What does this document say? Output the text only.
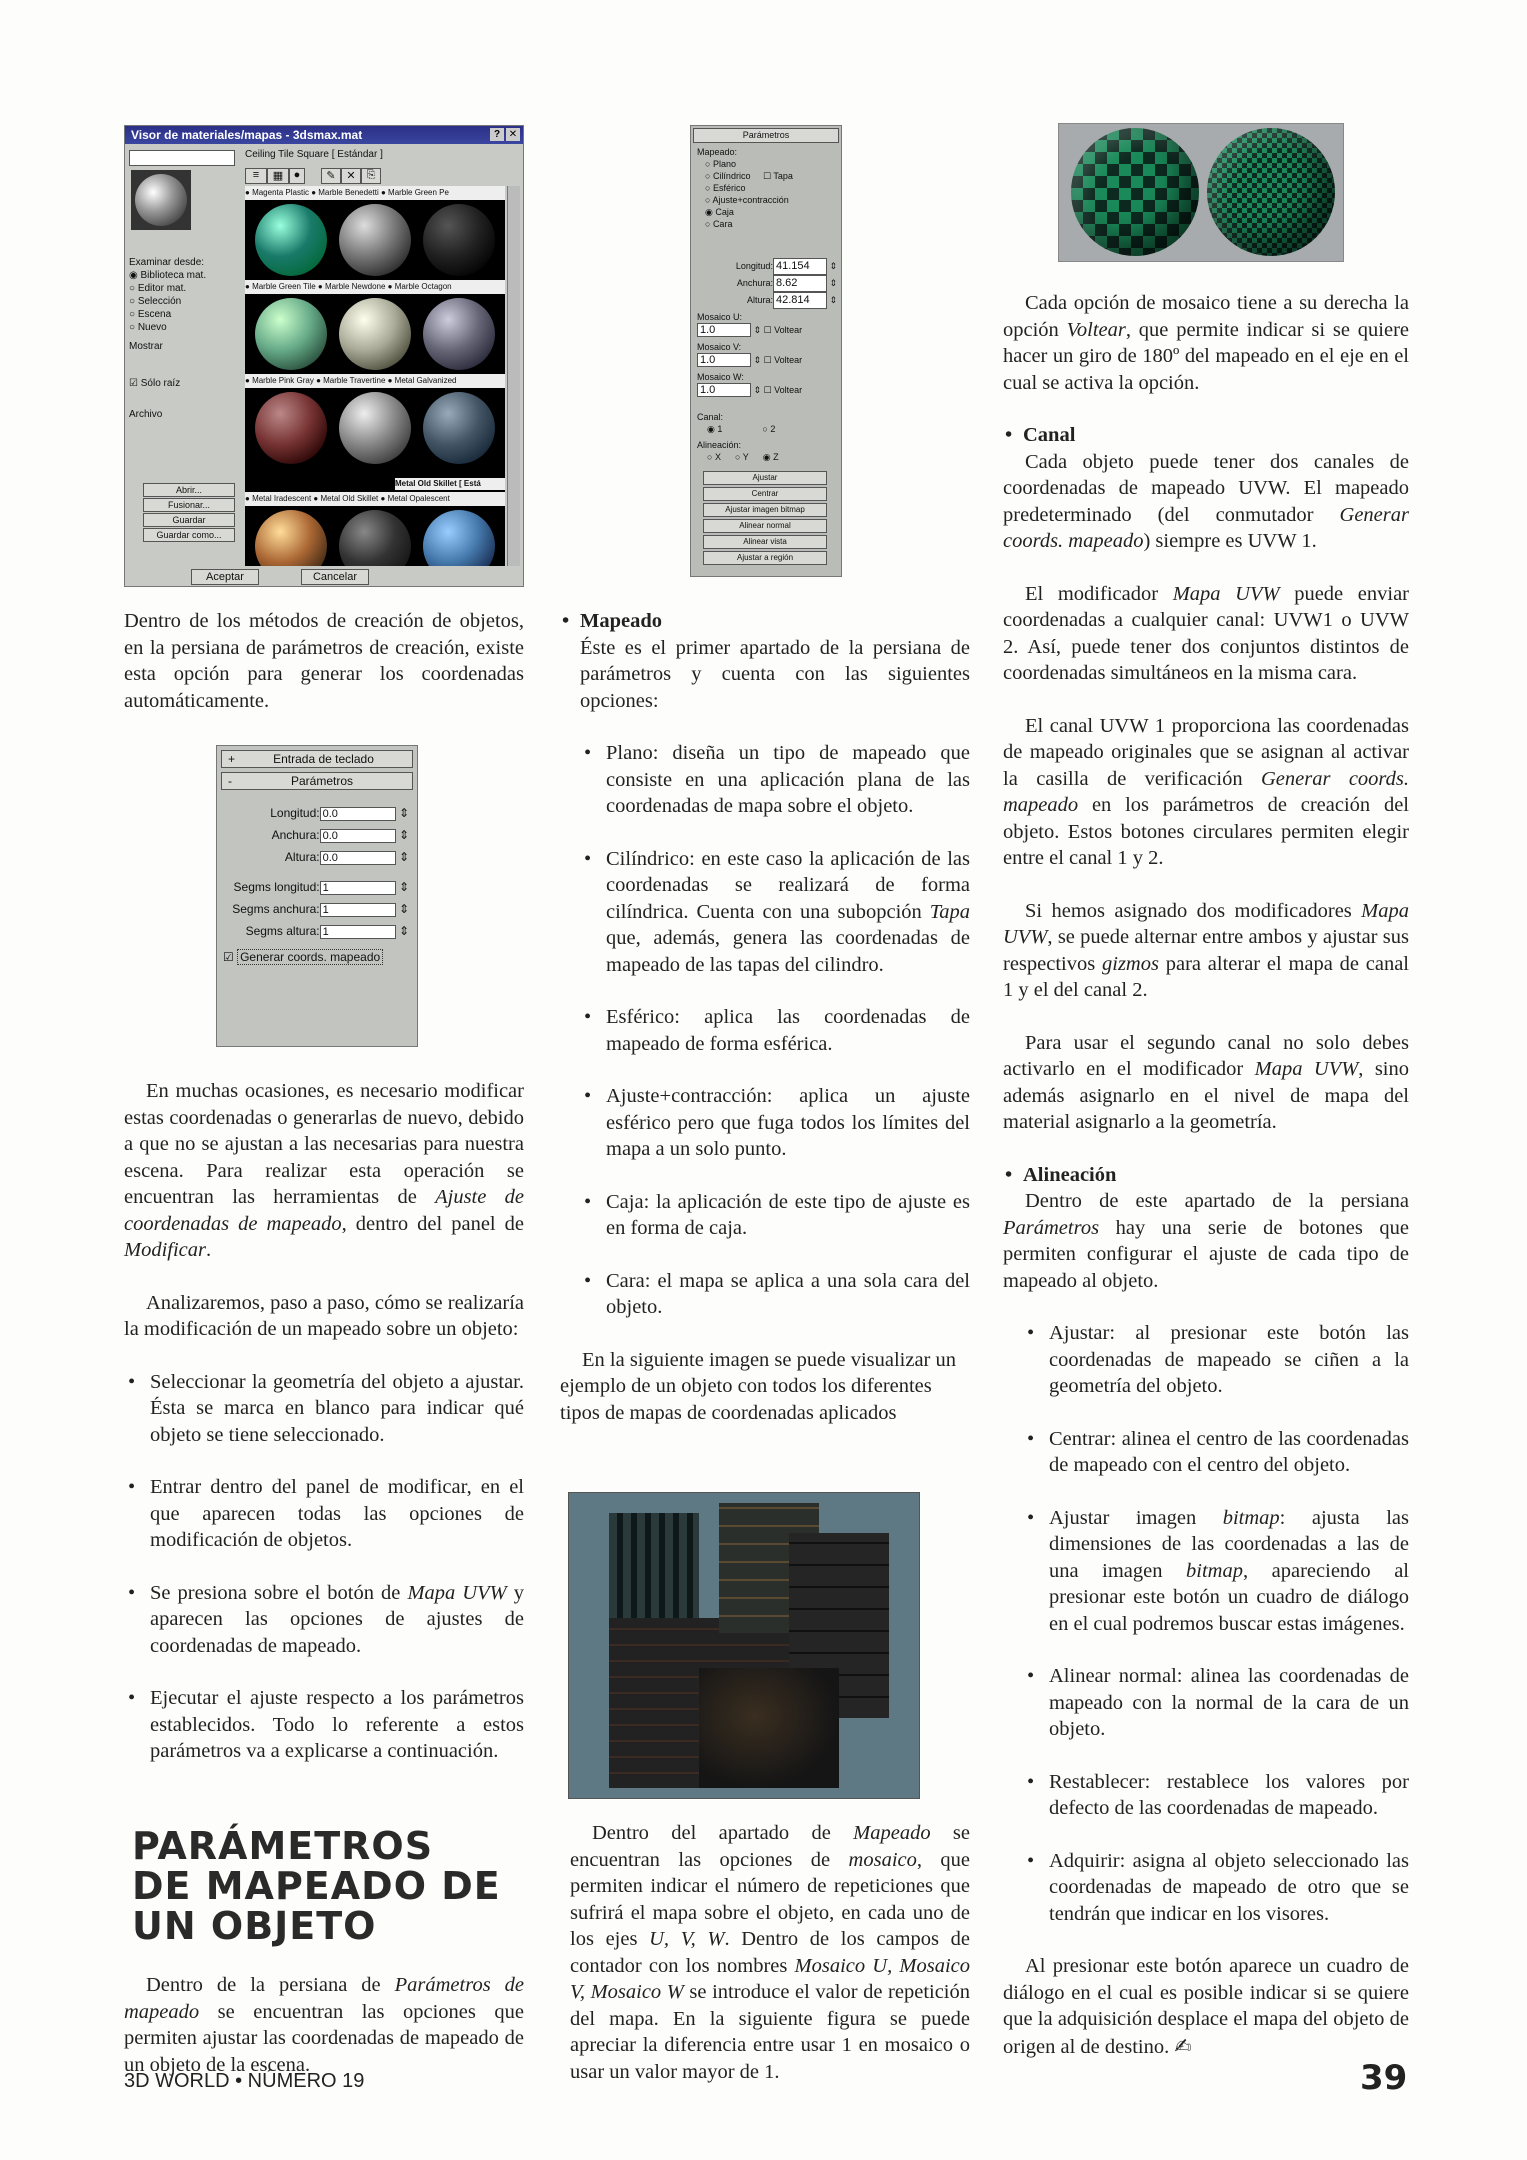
Visor de materiales/mapas - 3dsmax.mat	✕
?
Ceiling Tile Square [ Estándar ]
≡	▦ ●	✎ ✕ ⎘
Examinar desde:
◉ Biblioteca mat.
○ Editor mat.
○ Selección
○ Escena
○ Nuevo
Mostrar
☑ Sólo raíz
Archivo
Abrir...
Fusionar...
Guardar
Guardar como...
● Magenta Plastic ● Marble Benedetti ● Marble Green Pe
● Marble Green Tile ● Marble Newdone ● Marble Octagon
● Marble Pink Gray ● Marble Travertine ● Metal Galvanized
Metal Old Skillet [ Está
● Metal Iradescent ● Metal Old Skillet ● Metal Opalescent
Aceptar	Cancelar
Parámetros
Mapeado:
○ Plano
○ Cilíndrico ☐ Tapa
○ Esférico
○ Ajuste+contracción
◉ Caja
○ Cara
Longitud: 41.154 ⇕
Anchura: 8.62	⇕
Altura: 42.814 ⇕
Mosaico U:
1.0	⇕ ☐ Voltear
Mosaico V:
1.0	⇕ ☐ Voltear
Mosaico W:
1.0	⇕ ☐ Voltear
Canal:
◉ 1	○ 2
Alineación:
○ X ○ Y ◉ Z
Ajustar
Centrar
Ajustar imagen bitmap
Alinear normal
Alinear vista
Ajustar a región
+	Entrada de teclado
-	Parámetros
Longitud: 0.0	⇕
Anchura: 0.0	⇕
Altura: 0.0	⇕
Segms longitud: 1	⇕
Segms anchura: 1	⇕
Segms altura: 1	⇕
☑ Generar coords. mapeado

Dentro de los métodos de creación de objetos, en la persiana de parámetros de creación, existe esta opción para generar los coordenadas automáticamente.

En muchas ocasiones, es necesario modificar estas coordenadas o generarlas de nuevo, debido a que no se ajustan a las necesarias para nuestra escena. Para realizar esta operación se encuentran las herramientas de Ajuste de coordenadas de mapeado, dentro del panel de Modificar.

Analizaremos, paso a paso, cómo se realizaría la modificación de un mapeado sobre un objeto:

• Seleccionar la geometría del objeto a ajustar. Ésta se marca en blanco para indicar qué objeto se tiene seleccionado.
• Entrar dentro del panel de modificar, en el que aparecen todas las opciones de modificación de objetos.
• Se presiona sobre el botón de Mapa UVW y aparecen las opciones de ajustes de coordenadas de mapeado.
• Ejecutar el ajuste respecto a los parámetros establecidos. Todo lo referente a estos parámetros va a explicarse a continuación.
PARÁMETROS
DE MAPEADO DE
UN OBJETO

Dentro de la persiana de Parámetros de mapeado se encuentran las opciones que permiten ajustar las coordenadas de mapeado de un objeto de la escena.

• Mapeado

Éste es el primer apartado de la persiana de parámetros y cuenta con las siguientes opciones:

• Plano: diseña un tipo de mapeado que consiste en una aplicación plana de las coordenadas de mapa sobre el objeto.
• Cilíndrico: en este caso la aplicación de las coordenadas se realizará de forma cilíndrica. Cuenta con una subopción Tapa que, además, genera las coordenadas de mapeado de las tapas del cilindro.
• Esférico: aplica las coordenadas de mapeado de forma esférica.
• Ajuste+contracción: aplica un ajuste esférico pero que fuga todos los límites del mapa a un solo punto.
• Caja: la aplicación de este tipo de ajuste es en forma de caja.
• Cara: el mapa se aplica a una sola cara del objeto.

En la siguiente imagen se puede visualizar un ejemplo de un objeto con todos los diferentes tipos de mapas de coordenadas aplicados

Dentro del apartado de Mapeado se encuentran las opciones de mosaico, que permiten indicar el número de repeticiones que sufrirá el mapa sobre el objeto, en cada uno de los ejes U, V, W. Dentro de los campos de contador con los nombres Mosaico U, Mosaico V, Mosaico W se introduce el valor de repetición del mapa. En la siguiente figura se puede apreciar la diferencia entre usar 1 en mosaico o usar un valor mayor de 1.

Cada opción de mosaico tiene a su derecha la opción Voltear, que permite indicar si se quiere hacer un giro de 180º del mapeado en el eje en el cual se activa la opción.

• Canal

Cada objeto puede tener dos canales de coordenadas de mapeado UVW. El mapeado predeterminado (del conmutador Generar coords. mapeado) siempre es UVW 1.

El modificador Mapa UVW puede enviar coordenadas a cualquier canal: UVW1 o UVW 2. Así, puede tener dos conjuntos distintos de coordenadas simultáneos en la misma cara.

El canal UVW 1 proporciona las coordenadas de mapeado originales que se asignan al activar la casilla de verificación Generar coords. mapeado en los parámetros de creación del objeto. Estos botones circulares permiten elegir entre el canal 1 y 2.

Si hemos asignado dos modificadores Mapa UVW, se puede alternar entre ambos y ajustar sus respectivos gizmos para alterar el mapa de canal 1 y el del canal 2.

Para usar el segundo canal no solo debes activarlo en el modificador Mapa UVW, sino además asignarlo en el nivel de mapa del material asignarlo a la geometría.

• Alineación

Dentro de este apartado de la persiana Parámetros hay una serie de botones que permiten configurar el ajuste de cada tipo de mapeado al objeto.

• Ajustar: al presionar este botón las coordenadas de mapeado se ciñen a la geometría del objeto.
• Centrar: alinea el centro de las coordenadas de mapeado con el centro del objeto.
• Ajustar imagen bitmap: ajusta las dimensiones de las coordenadas a las de una imagen bitmap, apareciendo al presionar este botón un cuadro de diálogo en el cual podremos buscar estas imágenes.
• Alinear normal: alinea las coordenadas de mapeado con la normal de la cara de un objeto.
• Restablecer: restablece los valores por defecto de las coordenadas de mapeado.
• Adquirir: asigna al objeto seleccionado las coordenadas de mapeado de otro que se tendrán que indicar en los visores.

Al presionar este botón aparece un cuadro de diálogo en el cual es posible indicar si se quiere que la adquisición desplace el mapa del objeto de origen al de destino. ✍

3D WORLD • NÚMERO 19	39
